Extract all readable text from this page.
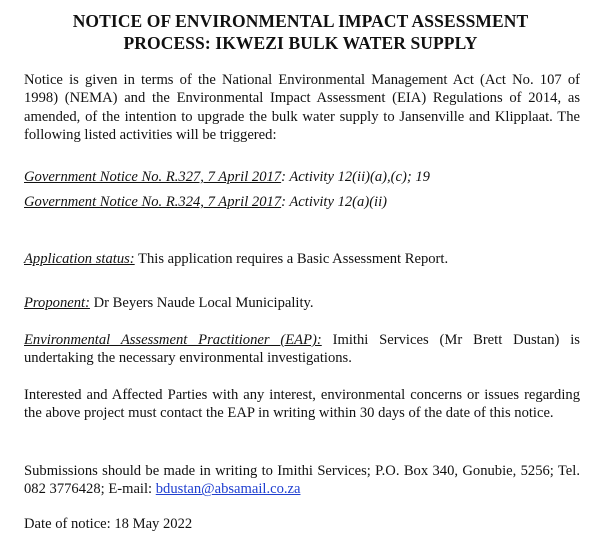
NOTICE OF ENVIRONMENTAL IMPACT ASSESSMENT
PROCESS: IKWEZI BULK WATER SUPPLY
Notice is given in terms of the National Environmental Management Act (Act No. 107 of 1998) (NEMA) and the Environmental Impact Assessment (EIA) Regulations of 2014, as amended, of the intention to upgrade the bulk water supply to Jansenville and Klipplaat. The following listed activities will be triggered:
Government Notice No. R.327, 7 April 2017: Activity 12(ii)(a),(c); 19
Government Notice No. R.324, 7 April 2017: Activity 12(a)(ii)
Application status: This application requires a Basic Assessment Report.
Proponent: Dr Beyers Naude Local Municipality.
Environmental Assessment Practitioner (EAP): Imithi Services (Mr Brett Dustan) is undertaking the necessary environmental investigations.
Interested and Affected Parties with any interest, environmental concerns or issues regarding the above project must contact the EAP in writing within 30 days of the date of this notice.
Submissions should be made in writing to Imithi Services; P.O. Box 340, Gonubie, 5256; Tel. 082 3776428; E-mail: bdustan@absamail.co.za
Date of notice: 18 May 2022
